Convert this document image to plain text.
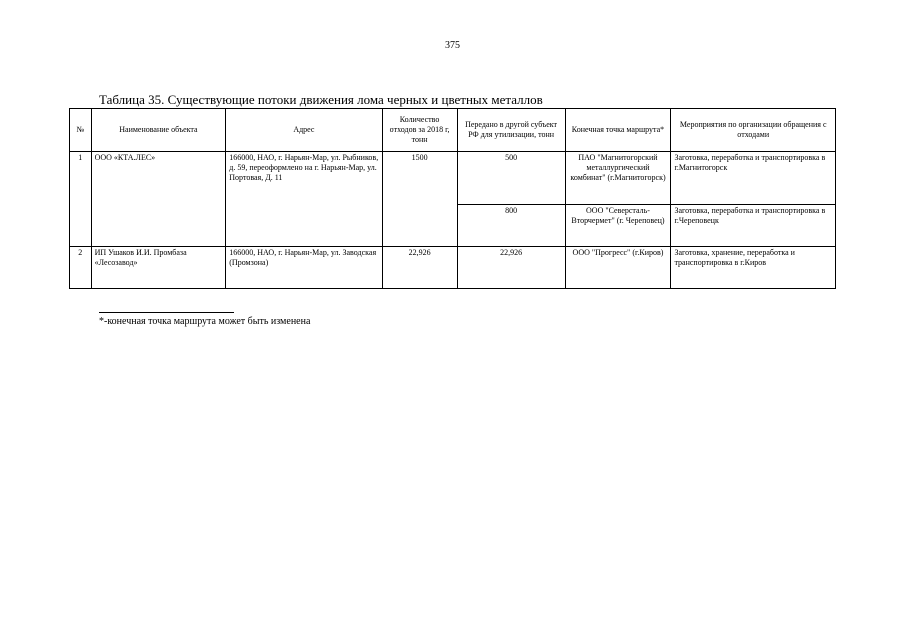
375
Таблица 35. Существующие потоки движения лома черных и цветных металлов
№	Наименование объекта	Адрес	Количество отходов за 2018 г, тонн	Передано в другой субъект РФ для утилизации, тонн	Конечная точка маршрута*	Мероприятия по организации обращения с отходами
1	ООО «КТА.ЛЕС»	166000, НАО, г. Нарьян-Мар, ул. Рыбников, д. 59, переоформлено на г. Нарьян-Мар, ул. Портовая, Д. 11	1500	500	ПАО "Магнитогорский металлургический комбинат" (г.Магнитогорск)	Заготовка, переработка и транспортировка в г.Магнитогорск
				800	ООО "Северсталь-Вторчермет" (г. Череповец)	Заготовка, переработка и транспортировка в г.Череповецк
2	ИП Ушаков И.И. Промбаза «Лесозавод»	166000, НАО, г. Нарьян-Мар, ул. Заводская (Промзона)	22,926	22,926	ООО "Прогресс" (г.Киров)	Заготовка, хранение, переработка и транспортировка в г.Киров
*-конечная точка маршрута может быть изменена
